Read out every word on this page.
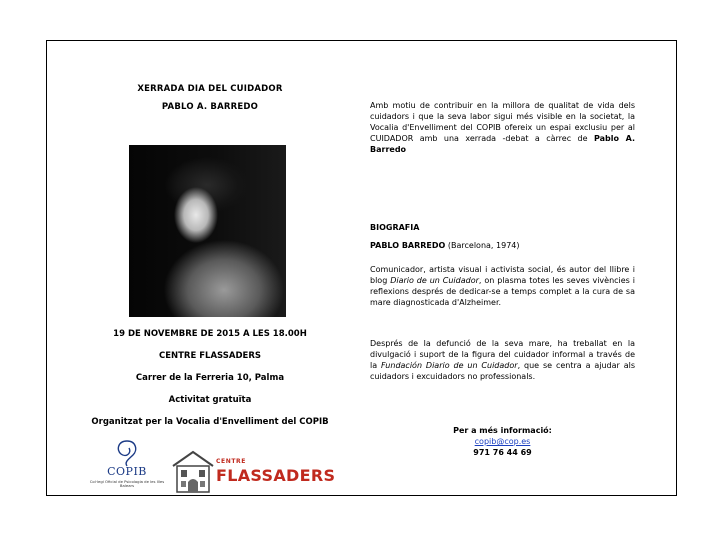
XERRADA DIA DEL CUIDADOR
PABLO A. BARREDO
19 DE NOVEMBRE DE 2015 A LES 18.00H
CENTRE FLASSADERS
Carrer de la Ferreria 10, Palma
Activitat gratuïta
Organitzat per la Vocalia d'Envelliment del COPIB
COPIB
Col·legi Oficial de Psicologia de les Illes Balears
CENTRE
FLASSADERS
Amb motiu de contribuir en la millora de qualitat de vida dels cuidadors i que la seva labor sigui més visible en la societat, la Vocalia d'Envelliment del COPIB ofereix un espai exclusiu per al CUIDADOR amb una xerrada -debat a càrrec de Pablo A. Barredo
BIOGRAFIA
PABLO BARREDO (Barcelona, 1974)
Comunicador, artista visual i activista social, és autor del llibre i blog Diario de un Cuidador, on plasma totes les seves vivències i reflexions després de dedicar-se a temps complet a la cura de sa mare diagnosticada d'Alzheimer.
Després de la defunció de la seva mare, ha treballat en la divulgació i suport de la figura del cuidador informal a través de la Fundación Diario de un Cuidador, que se centra a ajudar als cuidadors i excuidadors no professionals.
Per a més informació:
copib@cop.es
971 76 44 69
